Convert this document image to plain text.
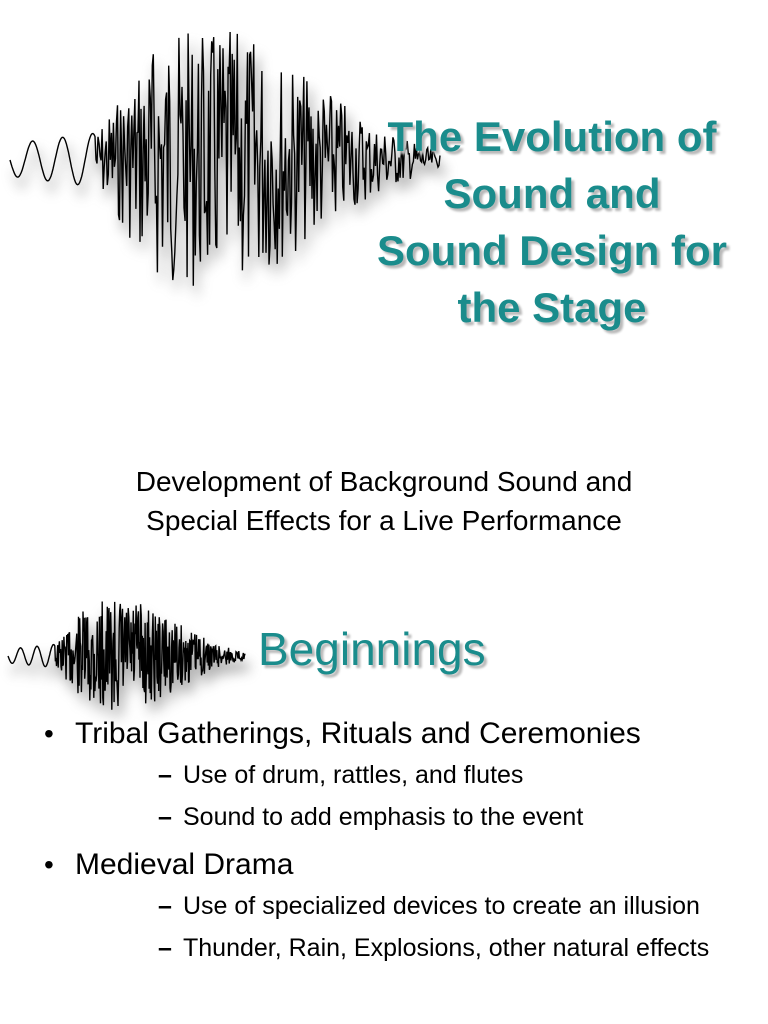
The Evolution of
Sound and
Sound Design for
the Stage

Development of Background Sound and
Special Effects for a Live Performance

Beginnings
• Tribal Gatherings, Rituals and Ceremonies
– Use of drum, rattles, and flutes
– Sound to add emphasis to the event
• Medieval Drama
– Use of specialized devices to create an illusion
– Thunder, Rain, Explosions, other natural effects
